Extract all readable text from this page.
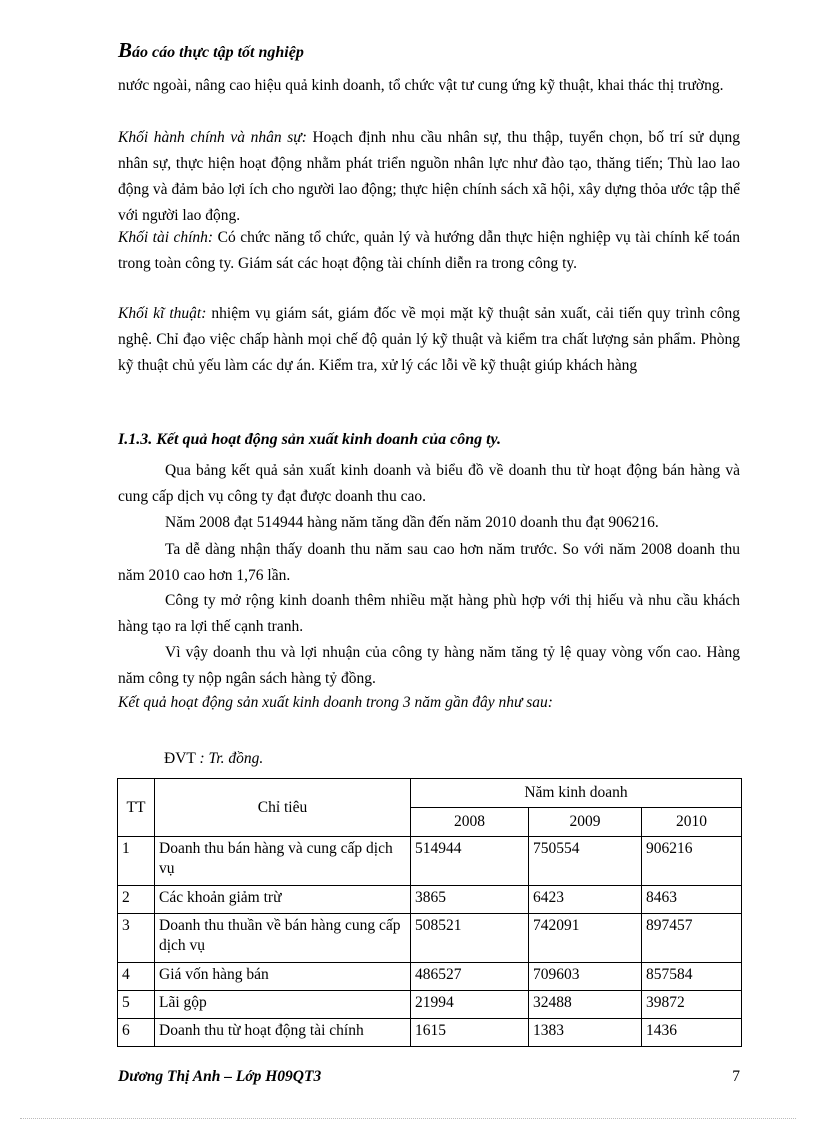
Báo cáo thực tập tốt nghiệp
nước ngoài, nâng cao hiệu quả kinh doanh, tổ chức vật tư cung ứng kỹ thuật, khai thác thị trường.
Khối hành chính và nhân sự: Hoạch định nhu cầu nhân sự, thu thập, tuyển chọn, bố trí sử dụng nhân sự, thực hiện hoạt động nhằm phát triển nguồn nhân lực như đào tạo, thăng tiến; Thù lao lao động và đảm bảo lợi ích cho người lao động; thực hiện chính sách xã hội, xây dựng thỏa ước tập thể với người lao động.
Khối tài chính: Có chức năng tổ chức, quản lý và hướng dẫn thực hiện nghiệp vụ tài chính kế toán trong toàn công ty. Giám sát các hoạt động tài chính diễn ra trong công ty.
Khối kĩ thuật: nhiệm vụ giám sát, giám đốc về mọi mặt kỹ thuật sản xuất, cải tiến quy trình công nghệ. Chỉ đạo việc chấp hành mọi chế độ quản lý kỹ thuật và kiểm tra chất lượng sản phẩm. Phòng kỹ thuật chủ yếu làm các dự án. Kiểm tra, xử lý các lỗi về kỹ thuật giúp khách hàng
I.1.3. Kết quả hoạt động sản xuất kinh doanh của công ty.
Qua bảng kết quả sản xuất kinh doanh và biểu đồ về doanh thu từ hoạt động bán hàng và cung cấp dịch vụ công ty đạt được doanh thu cao.
Năm 2008 đạt 514944 hàng năm tăng dần đến năm 2010 doanh thu đạt 906216.
Ta dễ dàng nhận thấy doanh thu năm sau cao hơn năm trước. So với năm 2008 doanh thu năm 2010 cao hơn 1,76 lần.
Công ty mở rộng kinh doanh thêm nhiều mặt hàng phù hợp với thị hiếu và nhu cầu khách hàng tạo ra lợi thế cạnh tranh.
Vì vậy doanh thu và lợi nhuận của công ty hàng năm tăng tỷ lệ quay vòng vốn cao. Hàng năm công ty nộp ngân sách hàng tỷ đồng.
Kết quả hoạt động sản xuất kinh doanh trong 3 năm gần đây như sau:
ĐVT : Tr. đồng.
TT	Chỉ tiêu	Năm kinh doanh		
		2008	2009	2010
1	Doanh thu bán hàng và cung cấp dịch vụ	514944	750554	906216
2	Các khoản giảm trừ	3865	6423	8463
3	Doanh thu thuần về bán hàng cung cấp dịch vụ	508521	742091	897457
4	Giá vốn hàng bán	486527	709603	857584
5	Lãi gộp	21994	32488	39872
6	Doanh thu từ hoạt động tài chính	1615	1383	1436
Dương Thị Anh – Lớp H09QT3	7
